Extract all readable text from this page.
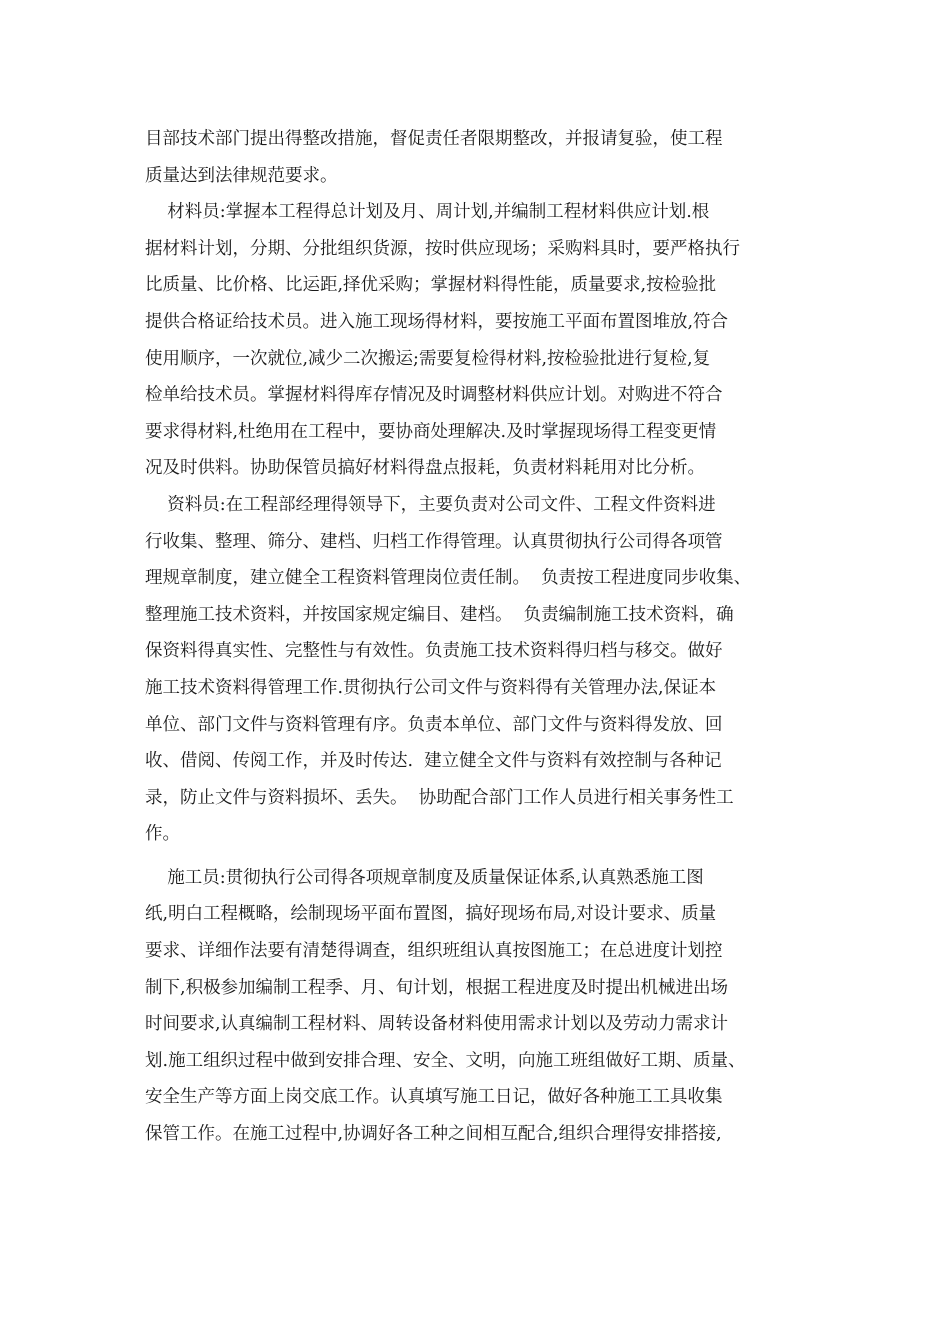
目部技术部门提出得整改措施，督促责任者限期整改，并报请复验，使工程
质量达到法律规范要求。
材料员:掌握本工程得总计划及月、周计划,并编制工程材料供应计划.根
据材料计划，分期、分批组织货源，按时供应现场；采购料具时，要严格执行
比质量、比价格、比运距,择优采购；掌握材料得性能，质量要求,按检验批
提供合格证给技术员。进入施工现场得材料，要按施工平面布置图堆放,符合
使用顺序，一次就位,减少二次搬运;需要复检得材料,按检验批进行复检,复
检单给技术员。掌握材料得库存情况及时调整材料供应计划。对购进不符合
要求得材料,杜绝用在工程中，要协商处理解决.及时掌握现场得工程变更情
况及时供料。协助保管员搞好材料得盘点报耗，负责材料耗用对比分析。
资料员:在工程部经理得领导下，主要负责对公司文件、工程文件资料进
行收集、整理、筛分、建档、归档工作得管理。认真贯彻执行公司得各项管
理规章制度，建立健全工程资料管理岗位责任制。  负责按工程进度同步收集、
整理施工技术资料，并按国家规定编目、建档。  负责编制施工技术资料，确
保资料得真实性、完整性与有效性。负责施工技术资料得归档与移交。做好
施工技术资料得管理工作.贯彻执行公司文件与资料得有关管理办法,保证本
单位、部门文件与资料管理有序。负责本单位、部门文件与资料得发放、回
收、借阅、传阅工作，并及时传达.  建立健全文件与资料有效控制与各种记
录，防止文件与资料损坏、丢失。  协助配合部门工作人员进行相关事务性工
作。
施工员:贯彻执行公司得各项规章制度及质量保证体系,认真熟悉施工图
纸,明白工程概略，绘制现场平面布置图，搞好现场布局,对设计要求、质量
要求、详细作法要有清楚得调查，组织班组认真按图施工；在总进度计划控
制下,积极参加编制工程季、月、旬计划，根据工程进度及时提出机械进出场
时间要求,认真编制工程材料、周转设备材料使用需求计划以及劳动力需求计
划.施工组织过程中做到安排合理、安全、文明，向施工班组做好工期、质量、
安全生产等方面上岗交底工作。认真填写施工日记，做好各种施工工具收集
保管工作。在施工过程中,协调好各工种之间相互配合,组织合理得安排搭接,
